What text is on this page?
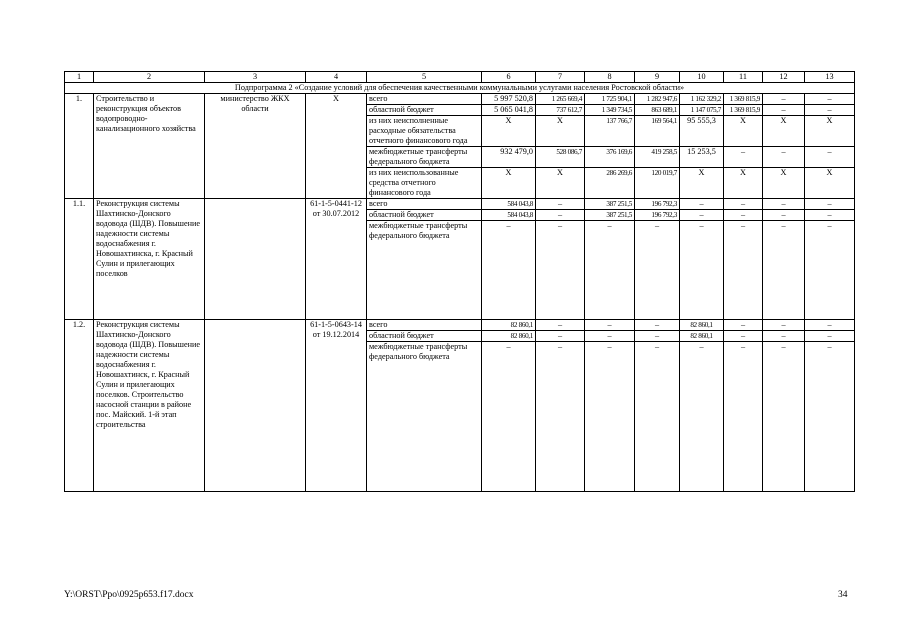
1	2	3	4	5	6	7	8	9	10	11	12	13
Подпрограмма 2 «Создание условий для обеспечения качественными коммунальными услугами населения Ростовской области»												
1.	Строительство и реконструкция объектов водопроводно-канализационного хозяйства	министерство ЖКХ области	X	всего	5 997 520,8	1 265 669,4	1 725 904,1	1 282 947,6	1 162 329,2	1 369 815,9	–	–
				областной бюджет	5 065 041,8	737 612,7	1 349 734,5	863 689,1	1 147 075,7	1 369 815,9	–	–
				из них неисполненные расходные обязательства отчетного финансового года	X	X	137 766,7	169 564,1	95 555,3	X	X	X
				межбюджетные трансферты федерального бюджета	932 479,0	528 086,7	376 169,6	419 258,5	15 253,5	–	–	–
				из них неиспользованные средства отчетного финансового года	X	X	286 269,6	120 019,7	X	X	X	X
1.1.	Реконструкция системы Шахтинско-Донского водовода (ШДВ). Повышение надежности системы водоснабжения г. Новошахтинска, г. Красный Сулин и прилегающих поселков		61-1-5-0441-12 от 30.07.2012	всего	584 043,8	–	387 251,5	196 792,3	–	–	–	–
				областной бюджет	584 043,8	–	387 251,5	196 792,3	–	–	–	–
				межбюджетные трансферты федерального бюджета	–	–	–	–	–	–	–	–
1.2.	Реконструкция системы Шахтинско-Донского водовода (ШДВ). Повышение надежности системы водоснабжения г. Новошахтинск, г. Красный Сулин и прилегающих поселков. Строительство насосной станции в районе пос. Майский. 1-й этап строительства		61-1-5-0643-14 от 19.12.2014	всего	82 860,1	–	–	–	82 860,1	–	–	–
				областной бюджет	82 860,1	–	–	–	82 860,1	–	–	–
				межбюджетные трансферты федерального бюджета	–	–	–	–	–	–	–	–
Y:\ORST\Ppo\0925p653.f17.docx	34
